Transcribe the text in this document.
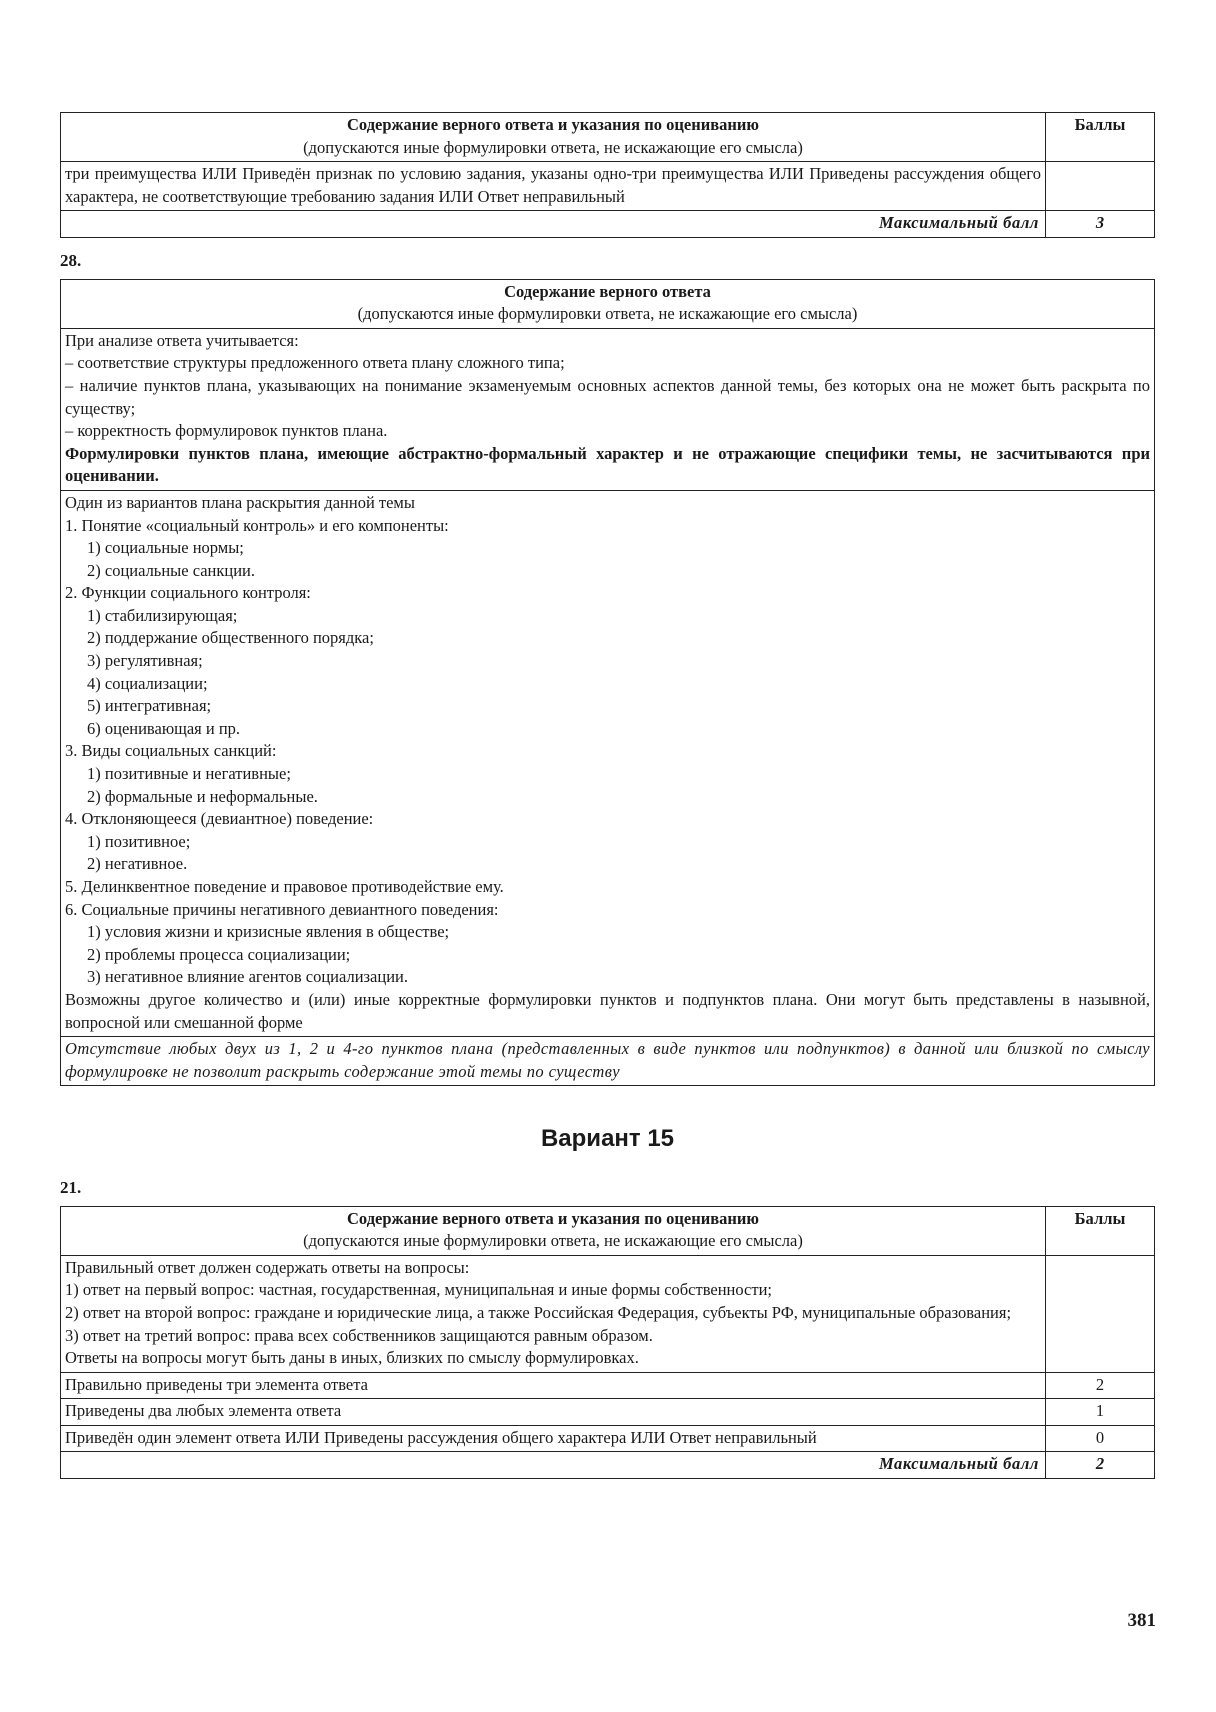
Содержание верного ответа и указания по оцениванию
(допускаются иные формулировки ответа, не искажающие его смысла)	Баллы
три преимущества ИЛИ Приведён признак по условию задания, указаны одно-три преимущества ИЛИ Приведены рассуждения общего характера, не соответствующие требованию задания ИЛИ Ответ неправильный	
Максимальный балл	3
28.
Содержание верного ответа
(допускаются иные формулировки ответа, не искажающие его смысла)

При анализе ответа учитывается:
– соответствие структуры предложенного ответа плану сложного типа;
– наличие пунктов плана, указывающих на понимание экзаменуемым основных аспектов данной темы, без которых она не может быть раскрыта по существу;
– корректность формулировок пунктов плана.
Формулировки пунктов плана, имеющие абстрактно-формальный характер и не отражающие специфики темы, не засчитываются при оценивании.

Один из вариантов плана раскрытия данной темы
1. Понятие «социальный контроль» и его компоненты:
1) социальные нормы;
2) социальные санкции.
2. Функции социального контроля:
1) стабилизирующая;
2) поддержание общественного порядка;
3) регулятивная;
4) социализации;
5) интегративная;
6) оценивающая и пр.
3. Виды социальных санкций:
1) позитивные и негативные;
2) формальные и неформальные.
4. Отклоняющееся (девиантное) поведение:
1) позитивное;
2) негативное.
5. Делинквентное поведение и правовое противодействие ему.
6. Социальные причины негативного девиантного поведения:
1) условия жизни и кризисные явления в обществе;
2) проблемы процесса социализации;
3) негативное влияние агентов социализации.
Возможны другое количество и (или) иные корректные формулировки пунктов и подпунктов плана. Они могут быть представлены в назывной, вопросной или смешанной форме

Отсутствие любых двух из 1, 2 и 4-го пунктов плана (представленных в виде пунктов или подпунктов) в данной или близкой по смыслу формулировке не позволит раскрыть содержание этой темы по существу
Вариант 15
21.
Содержание верного ответа и указания по оцениванию
(допускаются иные формулировки ответа, не искажающие его смысла)	Баллы

Правильный ответ должен содержать ответы на вопросы:
1) ответ на первый вопрос: частная, государственная, муниципальная и иные формы собственности;
2) ответ на второй вопрос: граждане и юридические лица, а также Российская Федерация, субъекты РФ, муниципальные образования;
3) ответ на третий вопрос: права всех собственников защищаются равным образом.
Ответы на вопросы могут быть даны в иных, близких по смыслу формулировках.	

Правильно приведены три элемента ответа	2
Приведены два любых элемента ответа	1
Приведён один элемент ответа ИЛИ Приведены рассуждения общего характера ИЛИ Ответ неправильный	0
Максимальный балл	2
381
